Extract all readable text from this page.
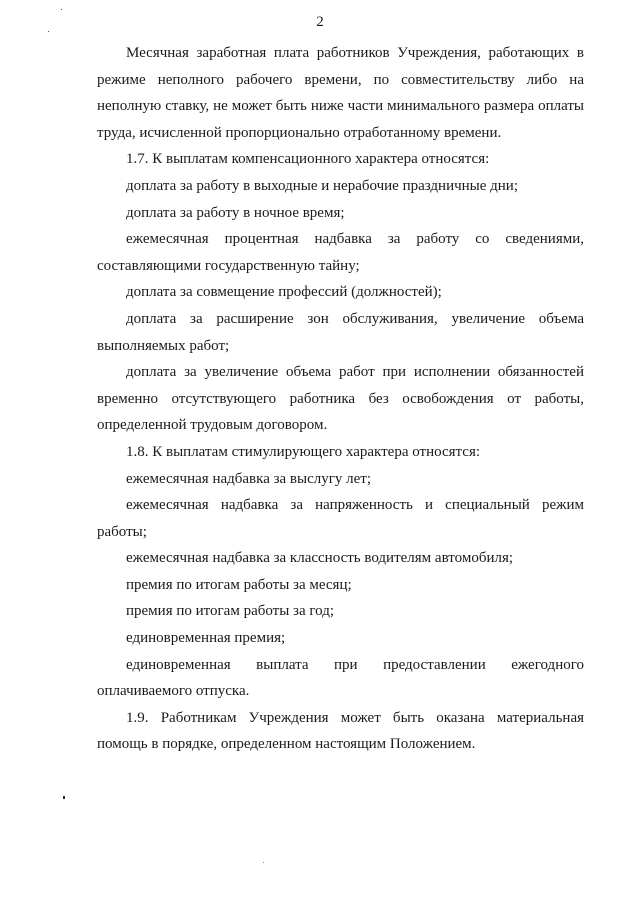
2

Месячная заработная плата работников Учреждения, работающих в режиме неполного рабочего времени, по совместительству либо на неполную ставку, не может быть ниже части минимального размера оплаты труда, исчисленной пропорционально отработанному времени.

1.7. К выплатам компенсационного характера относятся:

доплата за работу в выходные и нерабочие праздничные дни;

доплата за работу в ночное время;

ежемесячная процентная надбавка за работу со сведениями, составляющими государственную тайну;

доплата за совмещение профессий (должностей);

доплата за расширение зон обслуживания, увеличение объема выполняемых работ;

доплата за увеличение объема работ при исполнении обязанностей временно отсутствующего работника без освобождения от работы, определенной трудовым договором.

1.8. К выплатам стимулирующего характера относятся:

ежемесячная надбавка за выслугу лет;

ежемесячная надбавка за напряженность и специальный режим работы;

ежемесячная надбавка за классность водителям автомобиля;

премия по итогам работы за месяц;

премия по итогам работы за год;

единовременная премия;

единовременная выплата при предоставлении ежегодного оплачиваемого отпуска.

1.9. Работникам Учреждения может быть оказана материальная помощь в порядке, определенном настоящим Положением.
